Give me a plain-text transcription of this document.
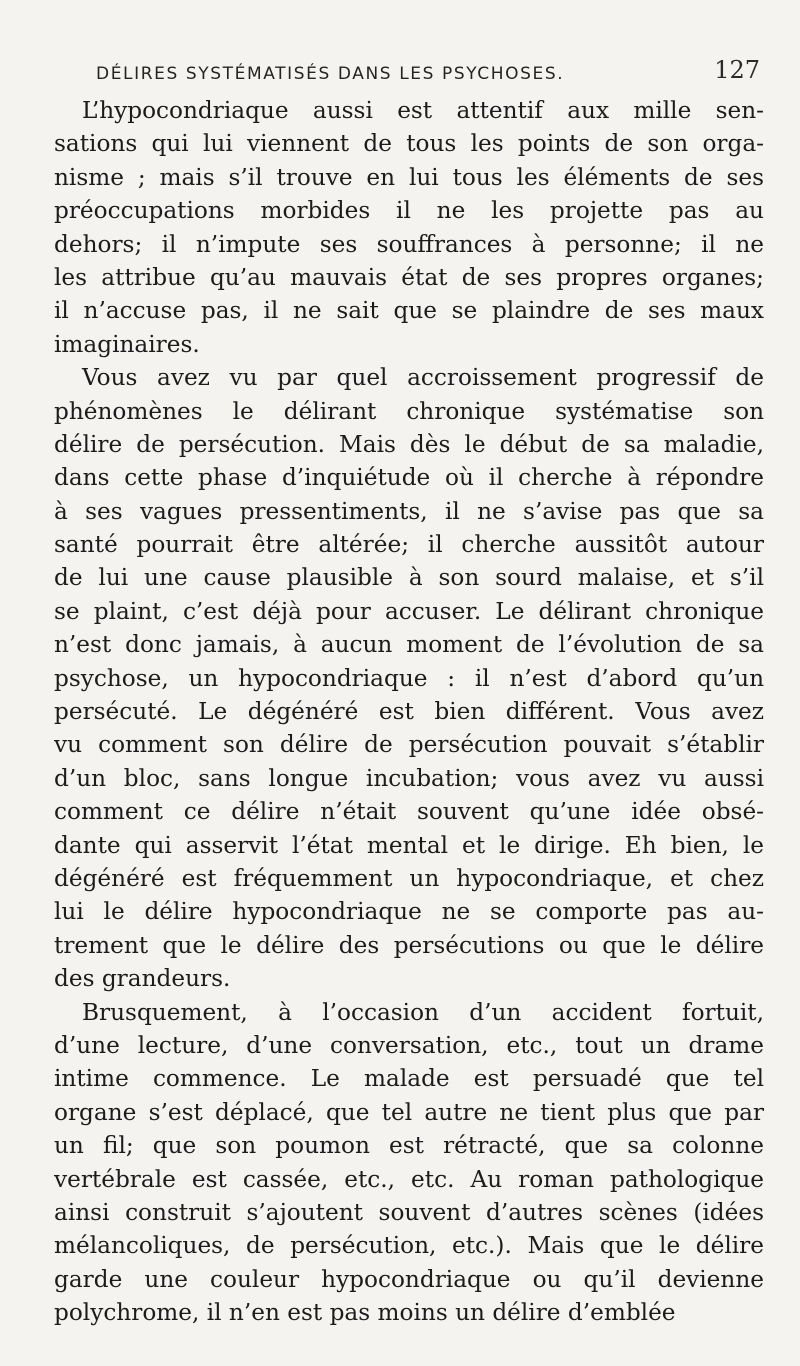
DÉLIRES SYSTÉMATISÉS DANS LES PSYCHOSES.	127
L’hypocondriaque aussi est attentif aux mille sen-
sations qui lui viennent de tous les points de son orga-
nisme ; mais s’il trouve en lui tous les éléments de ses
préoccupations morbides il ne les projette pas au
dehors; il n’impute ses souffrances à personne; il ne
les attribue qu’au mauvais état de ses propres organes;
il n’accuse pas, il ne sait que se plaindre de ses maux
imaginaires.
Vous avez vu par quel accroissement progressif de
phénomènes le délirant chronique systématise son
délire de persécution. Mais dès le début de sa maladie,
dans cette phase d’inquiétude où il cherche à répondre
à ses vagues pressentiments, il ne s’avise pas que sa
santé pourrait être altérée; il cherche aussitôt autour
de lui une cause plausible à son sourd malaise, et s’il
se plaint, c’est déjà pour accuser. Le délirant chronique
n’est donc jamais, à aucun moment de l’évolution de sa
psychose, un hypocondriaque : il n’est d’abord qu’un
persécuté. Le dégénéré est bien différent. Vous avez
vu comment son délire de persécution pouvait s’établir
d’un bloc, sans longue incubation; vous avez vu aussi
comment ce délire n’était souvent qu’une idée obsé-
dante qui asservit l’état mental et le dirige. Eh bien, le
dégénéré est fréquemment un hypocondriaque, et chez
lui le délire hypocondriaque ne se comporte pas au-
trement que le délire des persécutions ou que le délire
des grandeurs.
Brusquement, à l’occasion d’un accident fortuit,
d’une lecture, d’une conversation, etc., tout un drame
intime commence. Le malade est persuadé que tel
organe s’est déplacé, que tel autre ne tient plus que par
un fil; que son poumon est rétracté, que sa colonne
vertébrale est cassée, etc., etc. Au roman pathologique
ainsi construit s’ajoutent souvent d’autres scènes (idées
mélancoliques, de persécution, etc.). Mais que le délire
garde une couleur hypocondriaque ou qu’il devienne
polychrome, il n’en est pas moins un délire d’emblée
